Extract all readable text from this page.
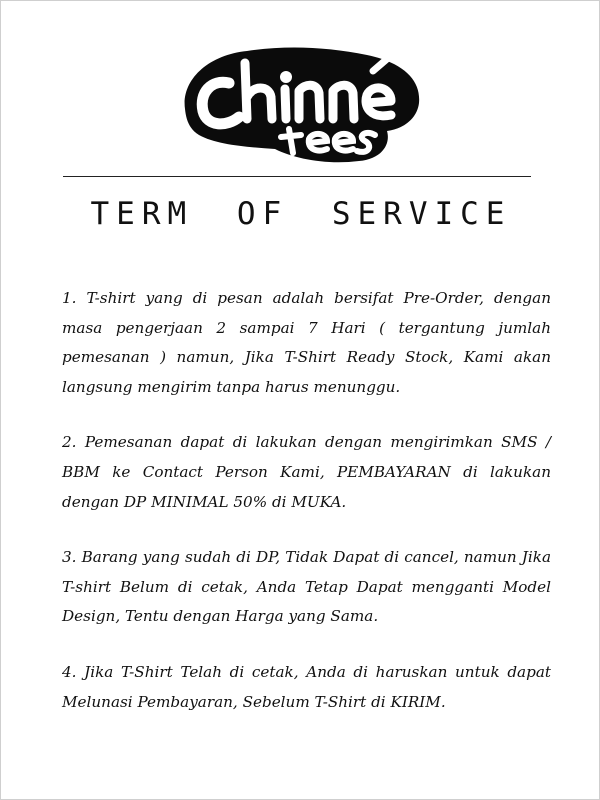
TERM OF SERVICE

1. T-shirt yang di pesan adalah bersifat Pre-Order, dengan masa pengerjaan 2 sampai 7 Hari ( tergantung jumlah pemesanan ) namun, Jika T-Shirt Ready Stock, Kami akan langsung mengirim tanpa harus menunggu.

2. Pemesanan dapat di lakukan dengan mengirimkan SMS / BBM ke Contact Person Kami, PEMBAYARAN di lakukan dengan DP MINIMAL 50% di MUKA.

3. Barang yang sudah di DP, Tidak Dapat di cancel, namun Jika T-shirt Belum di cetak, Anda Tetap Dapat mengganti Model Design, Tentu dengan Harga yang Sama.

4. Jika T-Shirt Telah di cetak, Anda di haruskan untuk dapat Melunasi Pembayaran, Sebelum T-Shirt di KIRIM.
